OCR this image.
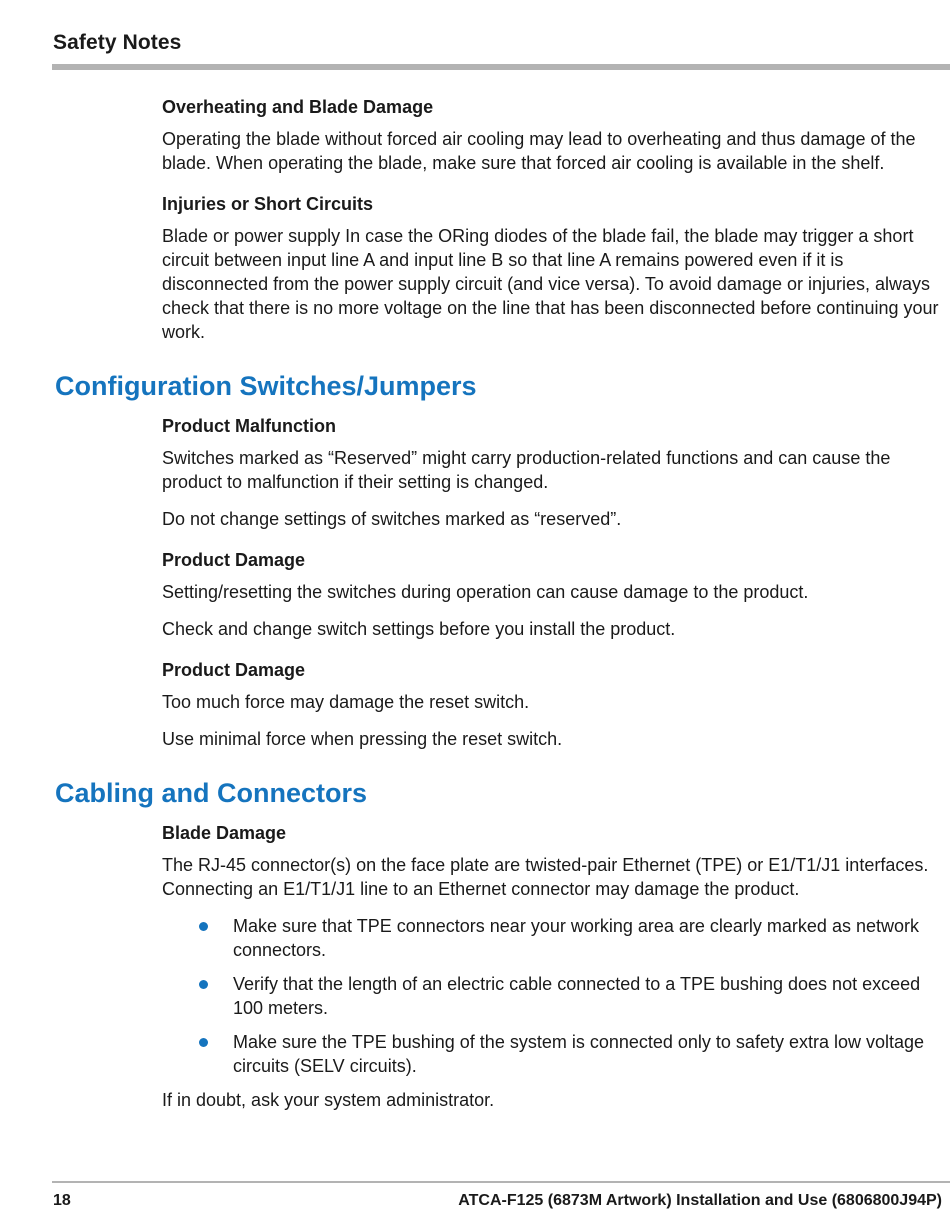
Safety Notes
Overheating and Blade Damage
Operating the blade without forced air cooling may lead to overheating and thus damage of the blade. When operating the blade, make sure that forced air cooling is available in the shelf.
Injuries or Short Circuits
Blade or power supply In case the ORing diodes of the blade fail, the blade may trigger a short circuit between input line A and input line B so that line A remains powered even if it is disconnected from the power supply circuit (and vice versa). To avoid damage or injuries, always check that there is no more voltage on the line that has been disconnected before continuing your work.
Configuration Switches/Jumpers
Product Malfunction
Switches marked as “Reserved” might carry production-related functions and can cause the product to malfunction if their setting is changed.
Do not change settings of switches marked as “reserved”.
Product Damage
Setting/resetting the switches during operation can cause damage to the product.
Check and change switch settings before you install the product.
Product Damage
Too much force may damage the reset switch.
Use minimal force when pressing the reset switch.
Cabling and Connectors
Blade Damage
The RJ-45 connector(s) on the face plate are twisted-pair Ethernet (TPE) or E1/T1/J1 interfaces. Connecting an E1/T1/J1 line to an Ethernet connector may damage the product.
Make sure that TPE connectors near your working area are clearly marked as network connectors.
Verify that the length of an electric cable connected to a TPE bushing does not exceed 100 meters.
Make sure the TPE bushing of the system is connected only to safety extra low voltage circuits (SELV circuits).
If in doubt, ask your system administrator.
18	ATCA-F125 (6873M Artwork) Installation and Use (6806800J94P)
